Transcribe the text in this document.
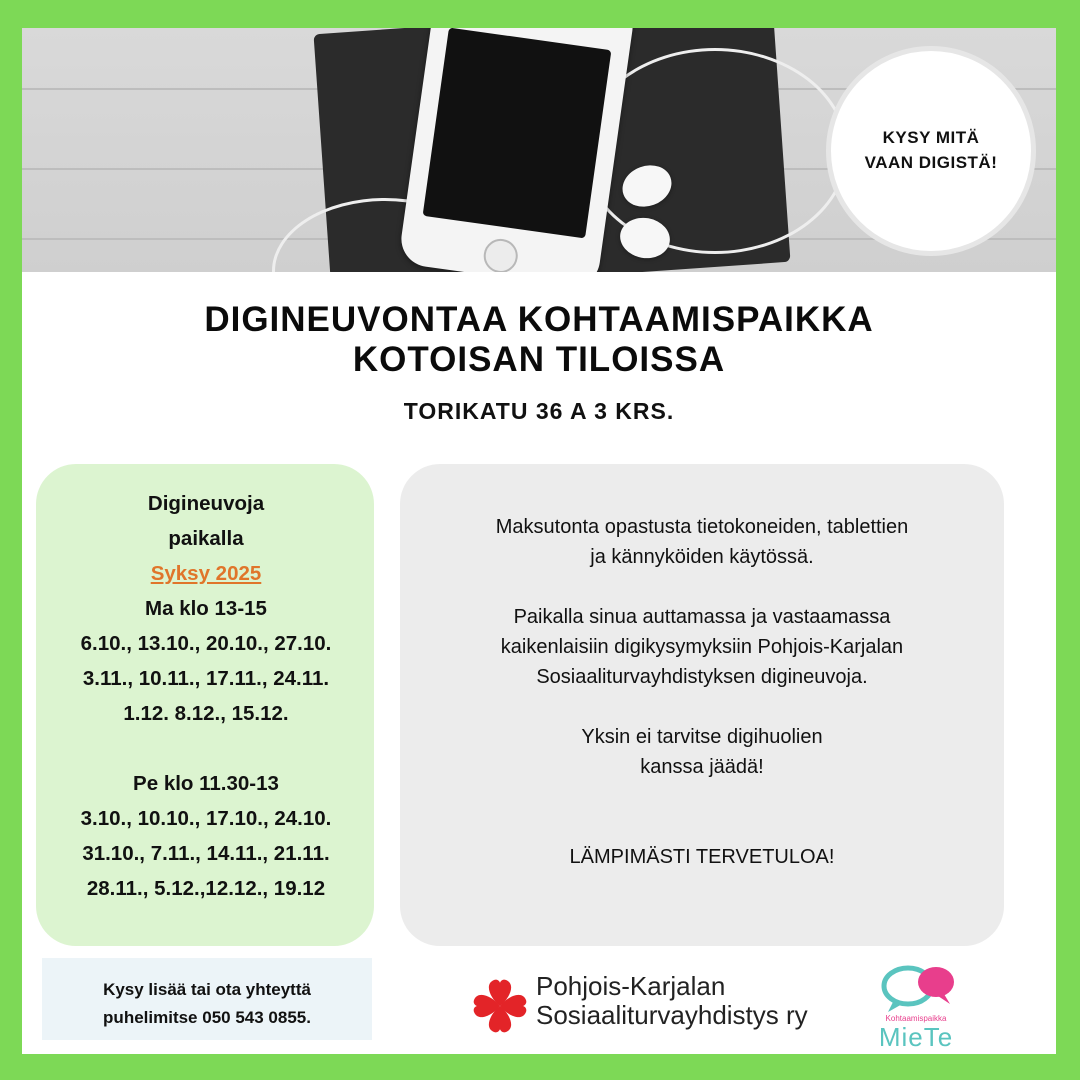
KYSY MITÄ
VAAN DIGISTÄ!
DIGINEUVONTAA KOHTAAMISPAIKKA
KOTOISAN TILOISSA
TORIKATU 36 A 3 KRS.
Digineuvoja
paikalla
Syksy 2025
Ma klo 13-15
6.10., 13.10., 20.10., 27.10.
3.11., 10.11., 17.11., 24.11.
1.12. 8.12., 15.12.
Pe klo 11.30-13
3.10., 10.10., 17.10., 24.10.
31.10., 7.11., 14.11., 21.11.
28.11., 5.12.,12.12., 19.12
Maksutonta opastusta tietokoneiden, tablettien
ja kännyköiden käytössä.
Paikalla sinua auttamassa ja vastaamassa
kaikenlaisiin digikysymyksiin Pohjois-Karjalan
Sosiaaliturvayhdistyksen digineuvoja.
Yksin ei tarvitse digihuolien
kanssa jäädä!
LÄMPIMÄSTI TERVETULOA!
Kysy lisää tai ota yhteyttä
puhelimitse 050 543 0855.
Pohjois-Karjalan
Sosiaaliturvayhdistys ry	Kohtaamispaikka
MieTe
